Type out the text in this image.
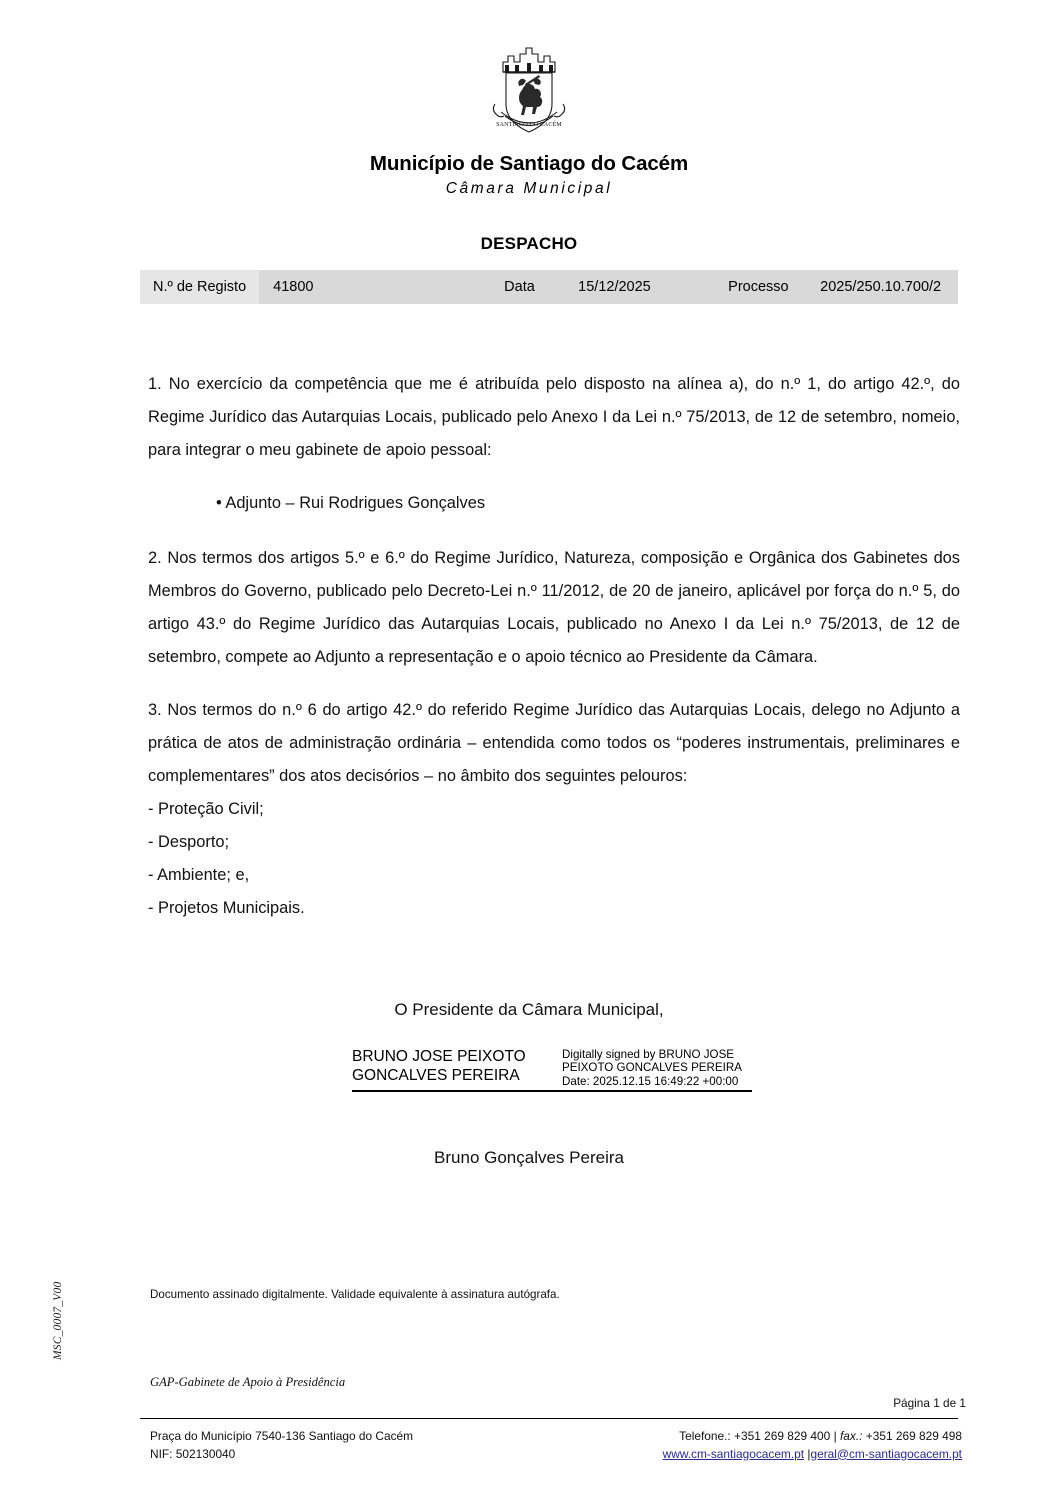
MSC_0007_V00
SANTIAGO DO CACÉM
Município de Santiago do Cacém
Câmara Municipal
DESPACHO
N.º de Registo	41800	Data	15/12/2025	Processo	2025/250.10.700/2

1. No exercício da competência que me é atribuída pelo disposto na alínea a), do n.º 1, do artigo 42.º, do Regime Jurídico das Autarquias Locais, publicado pelo Anexo I da Lei n.º 75/2013, de 12 de setembro, nomeio, para integrar o meu gabinete de apoio pessoal:

• Adjunto – Rui Rodrigues Gonçalves

2. Nos termos dos artigos 5.º e 6.º do Regime Jurídico, Natureza, composição e Orgânica dos Gabinetes dos Membros do Governo, publicado pelo Decreto-Lei n.º 11/2012, de 20 de janeiro, aplicável por força do n.º 5, do artigo 43.º do Regime Jurídico das Autarquias Locais, publicado no Anexo I da Lei n.º 75/2013, de 12 de setembro, compete ao Adjunto a representação e o apoio técnico ao Presidente da Câmara.

3. Nos termos do n.º 6 do artigo 42.º do referido Regime Jurídico das Autarquias Locais, delego no Adjunto a prática de atos de administração ordinária – entendida como todos os “poderes instrumentais, preliminares e complementares” dos atos decisórios – no âmbito dos seguintes pelouros:

- Proteção Civil;

- Desporto;

- Ambiente; e,

- Projetos Municipais.

O Presidente da Câmara Municipal,
BRUNO JOSE PEIXOTO GONCALVES PEREIRA
Digitally signed by BRUNO JOSE PEIXOTO GONCALVES PEREIRA Date: 2025.12.15 16:49:22 +00:00
Bruno Gonçalves Pereira
Documento assinado digitalmente. Validade equivalente à assinatura autógrafa.
GAP-Gabinete de Apoio à Presidência
Página 1 de 1
Praça do Município 7540-136 Santiago do Cacém
NIF: 502130040
Telefone.: +351 269 829 400 | fax.: +351 269 829 498
www.cm-santiagocacem.pt |geral@cm-santiagocacem.pt
